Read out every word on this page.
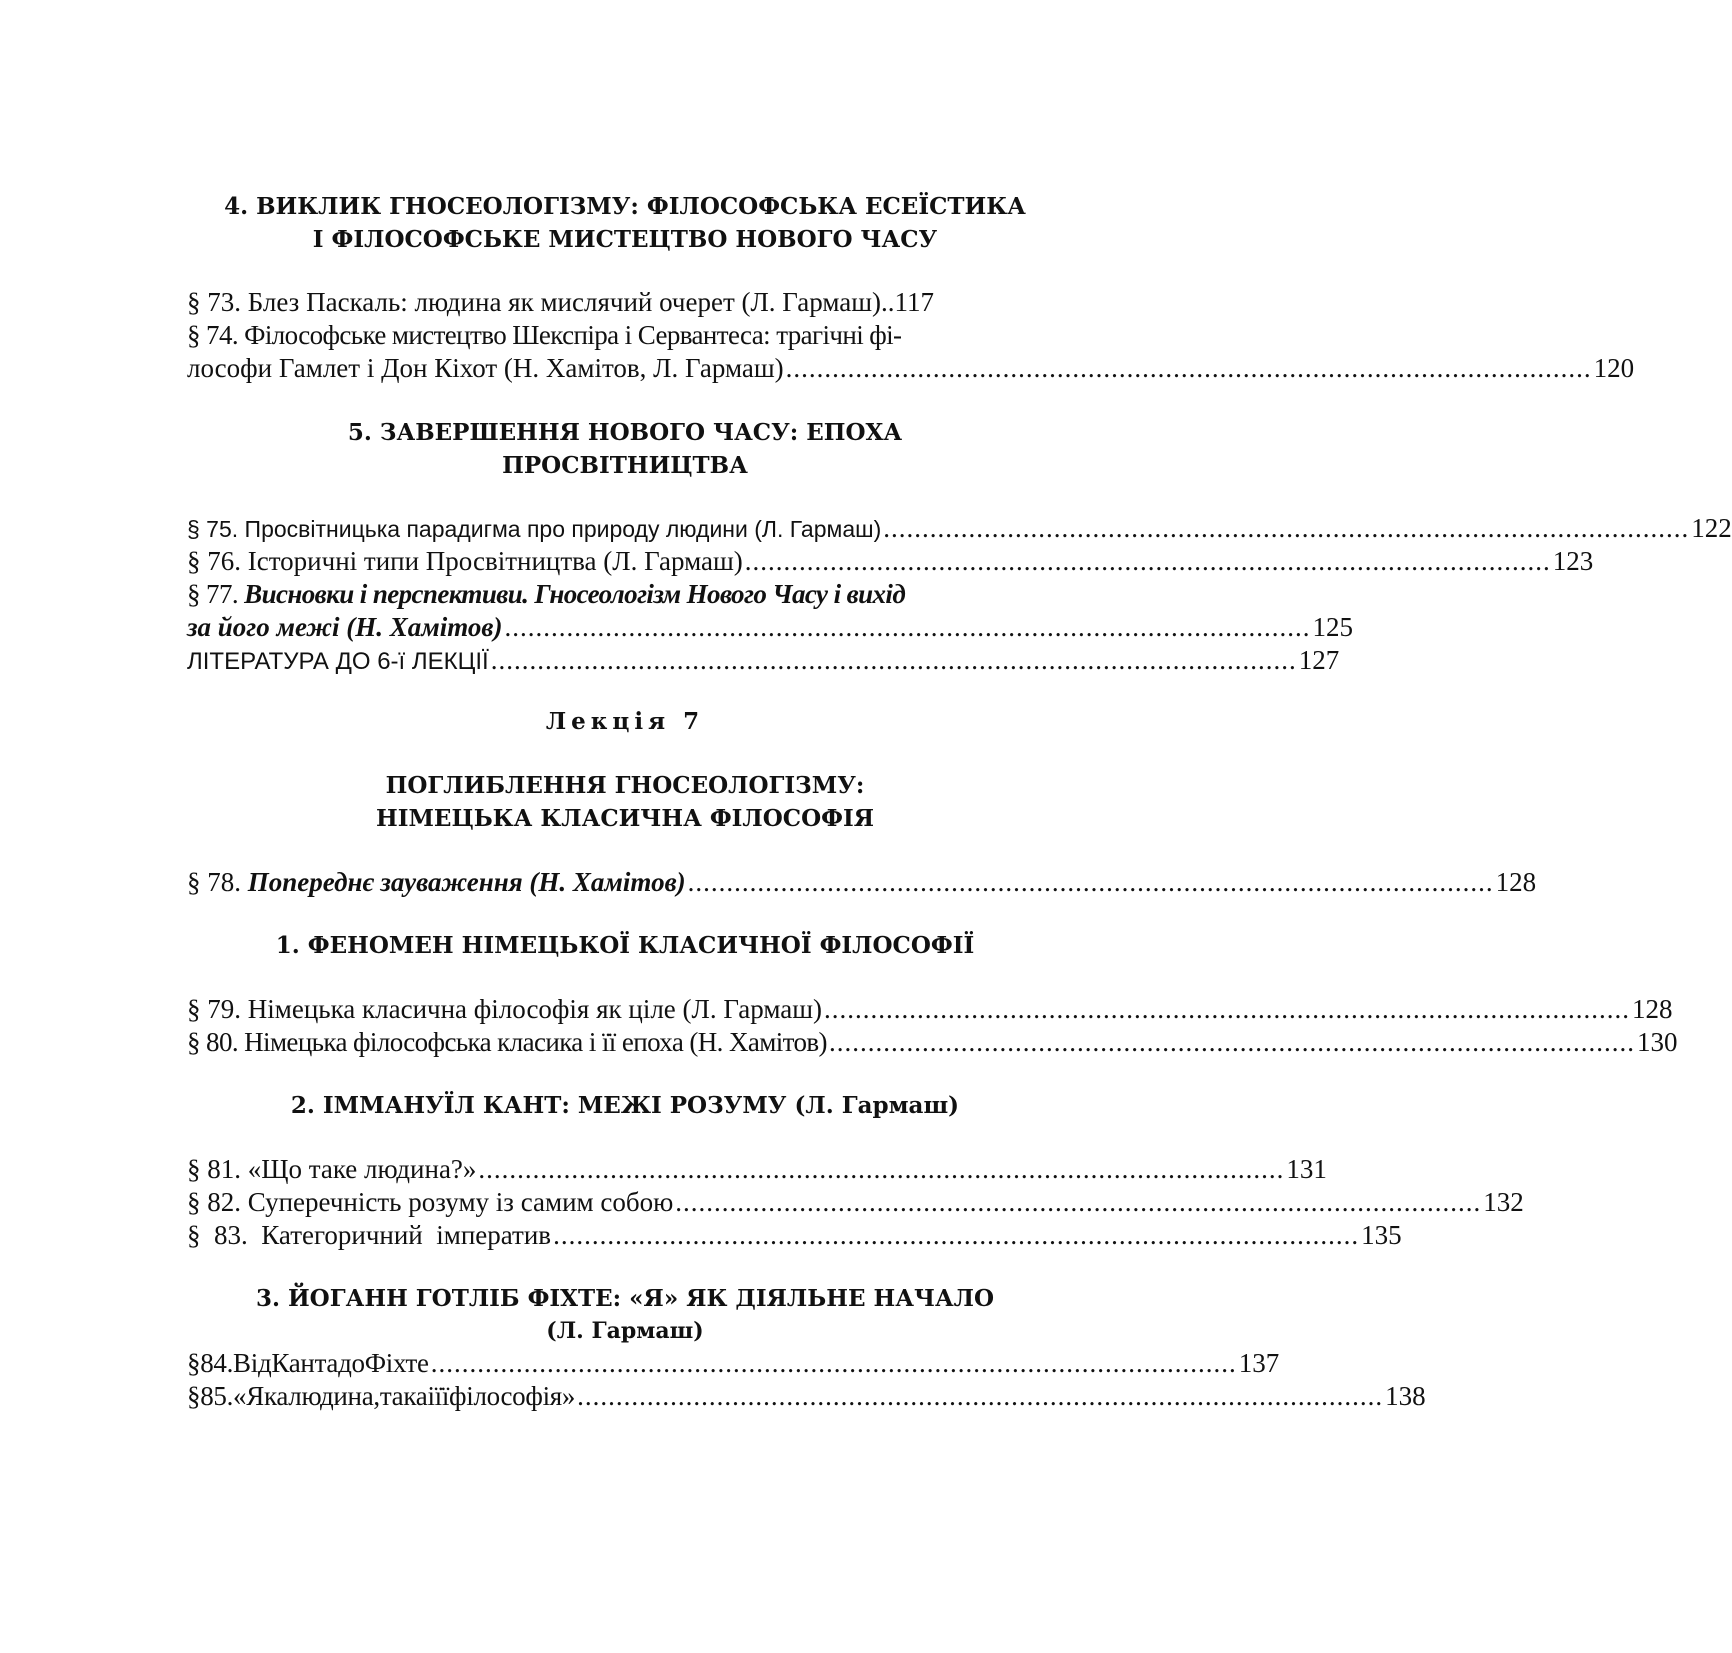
4. ВИКЛИК ГНОСЕОЛОГІЗМУ: ФІЛОСОФСЬКА ЕСЕЇСТИКА
І ФІЛОСОФСЬКЕ МИСТЕЦТВО НОВОГО ЧАСУ
§ 73. Блез Паскаль: людина як мислячий очерет (Л. Гармаш) .. 117
§ 74. Філософське мистецтво Шекспіра і Сервантеса: трагічні фі-
лософи Гамлет і Дон Кіхот (Н. Хамітов, Л. Гармаш) ........................................................................................................ 120
5. ЗАВЕРШЕННЯ НОВОГО ЧАСУ: ЕПОХА
ПРОСВІТНИЦТВА
§ 75. Просвітницька парадигма про природу людини (Л. Гармаш) ........................................................................................................ 122
§ 76. Історичні типи Просвітництва (Л. Гармаш) ........................................................................................................ 123
§ 77. Висновки і перспективи. Гносеологізм Нового Часу і вихід
за його межі (Н. Хамітов) ........................................................................................................ 125
ЛІТЕРАТУРА ДО 6-ї ЛЕКЦІЇ ........................................................................................................ 127
Лекція 7
ПОГЛИБЛЕННЯ ГНОСЕОЛОГІЗМУ:
НІМЕЦЬКА КЛАСИЧНА ФІЛОСОФІЯ
§ 78. Попереднє зауваження (Н. Хамітов) ........................................................................................................ 128
1. ФЕНОМЕН НІМЕЦЬКОЇ КЛАСИЧНОЇ ФІЛОСОФІЇ
§ 79. Німецька класична філософія як ціле (Л. Гармаш) ........................................................................................................ 128
§ 80. Німецька філософська класика і її епоха (Н. Хамітов) ........................................................................................................ 130
2. ІММАНУЇЛ КАНТ: МЕЖІ РОЗУМУ (Л. Гармаш)
§ 81. «Що таке людина?» ........................................................................................................ 131
§ 82. Суперечність розуму із самим собою ........................................................................................................ 132
§  83.  Категоричний  імператив ........................................................................................................ 135
3. ЙОГАНН ГОТЛІБ ФІХТЕ: «Я» ЯК ДІЯЛЬНЕ НАЧАЛО
(Л. Гармаш)
§84.ВідКантадоФіхте ........................................................................................................ 137
§85.«Якалюдина,такаіїїфілософія» ........................................................................................................ 138
